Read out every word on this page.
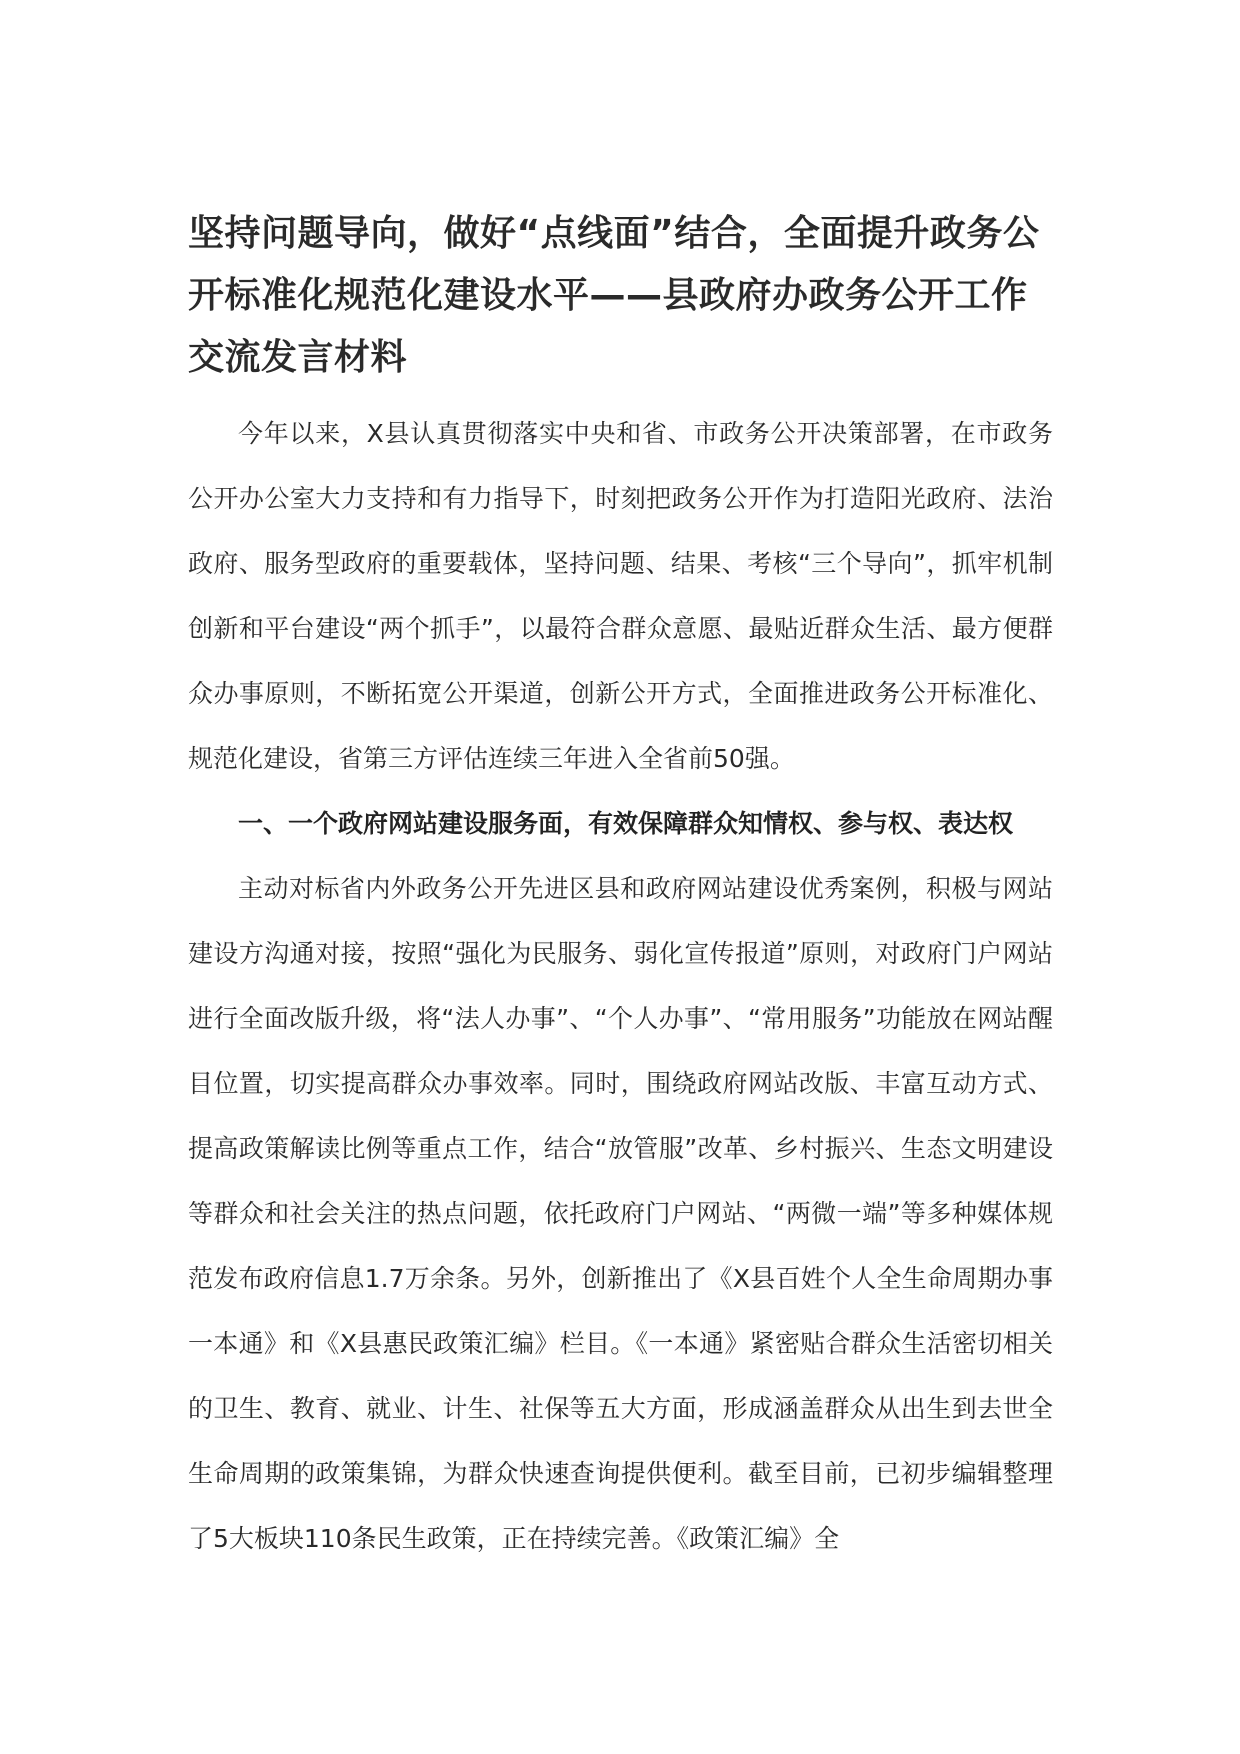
坚持问题导向，做好“点线面”结合，全面提升政务公开标准化规范化建设水平——县政府办政务公开工作交流发言材料

今年以来，X县认真贯彻落实中央和省、市政务公开决策部署，在市政务公开办公室大力支持和有力指导下，时刻把政务公开作为打造阳光政府、法治政府、服务型政府的重要载体，坚持问题、结果、考核“三个导向”，抓牢机制创新和平台建设“两个抓手”，以最符合群众意愿、最贴近群众生活、最方便群众办事原则，不断拓宽公开渠道，创新公开方式，全面推进政务公开标准化、规范化建设，省第三方评估连续三年进入全省前50强。

一、一个政府网站建设服务面，有效保障群众知情权、参与权、表达权

主动对标省内外政务公开先进区县和政府网站建设优秀案例，积极与网站建设方沟通对接，按照“强化为民服务、弱化宣传报道”原则，对政府门户网站进行全面改版升级，将“法人办事”、“个人办事”、“常用服务”功能放在网站醒目位置，切实提高群众办事效率。同时，围绕政府网站改版、丰富互动方式、提高政策解读比例等重点工作，结合“放管服”改革、乡村振兴、生态文明建设等群众和社会关注的热点问题，依托政府门户网站、“两微一端”等多种媒体规范发布政府信息1.7万余条。另外，创新推出了《X县百姓个人全生命周期办事一本通》和《X县惠民政策汇编》栏目。《一本通》紧密贴合群众生活密切相关的卫生、教育、就业、计生、社保等五大方面，形成涵盖群众从出生到去世全生命周期的政策集锦，为群众快速查询提供便利。截至目前，已初步编辑整理了5大板块110条民生政策，正在持续完善。《政策汇编》全
